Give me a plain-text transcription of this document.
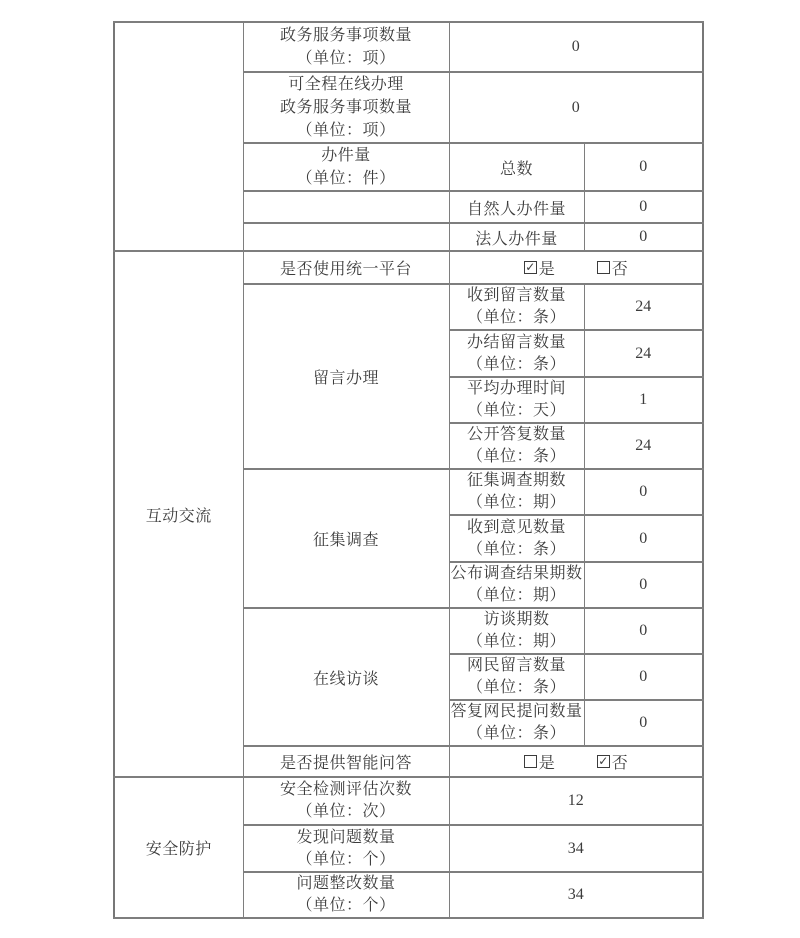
	政务服务事项数量
（单位：项）	0	

	可全程在线办理
政务服务事项数量
（单位：项）	0	

	办件量
（单位：件）	总数	0
		自然人办件量	0
		法人办件量	0
互动交流	是否使用统一平台	✓ 是 否	

	留言办理	收到留言数量
（单位：条）	24

		办结留言数量
（单位：条）	24

		平均办理时间
（单位：天）	1

		公开答复数量
（单位：条）	24
	征集调查	征集调查期数
（单位：期）	0

		收到意见数量
（单位：条）	0

		公布调查结果期数
（单位：期）	0
	在线访谈	访谈期数
（单位：期）	0

		网民留言数量
（单位：条）	0

		答复网民提问数量
（单位：条）	0
	是否提供智能问答	是 ✓ 否	

安全防护	安全检测评估次数
（单位：次）	12	

	发现问题数量
（单位：个）	34	

	问题整改数量
（单位：个）	34	
